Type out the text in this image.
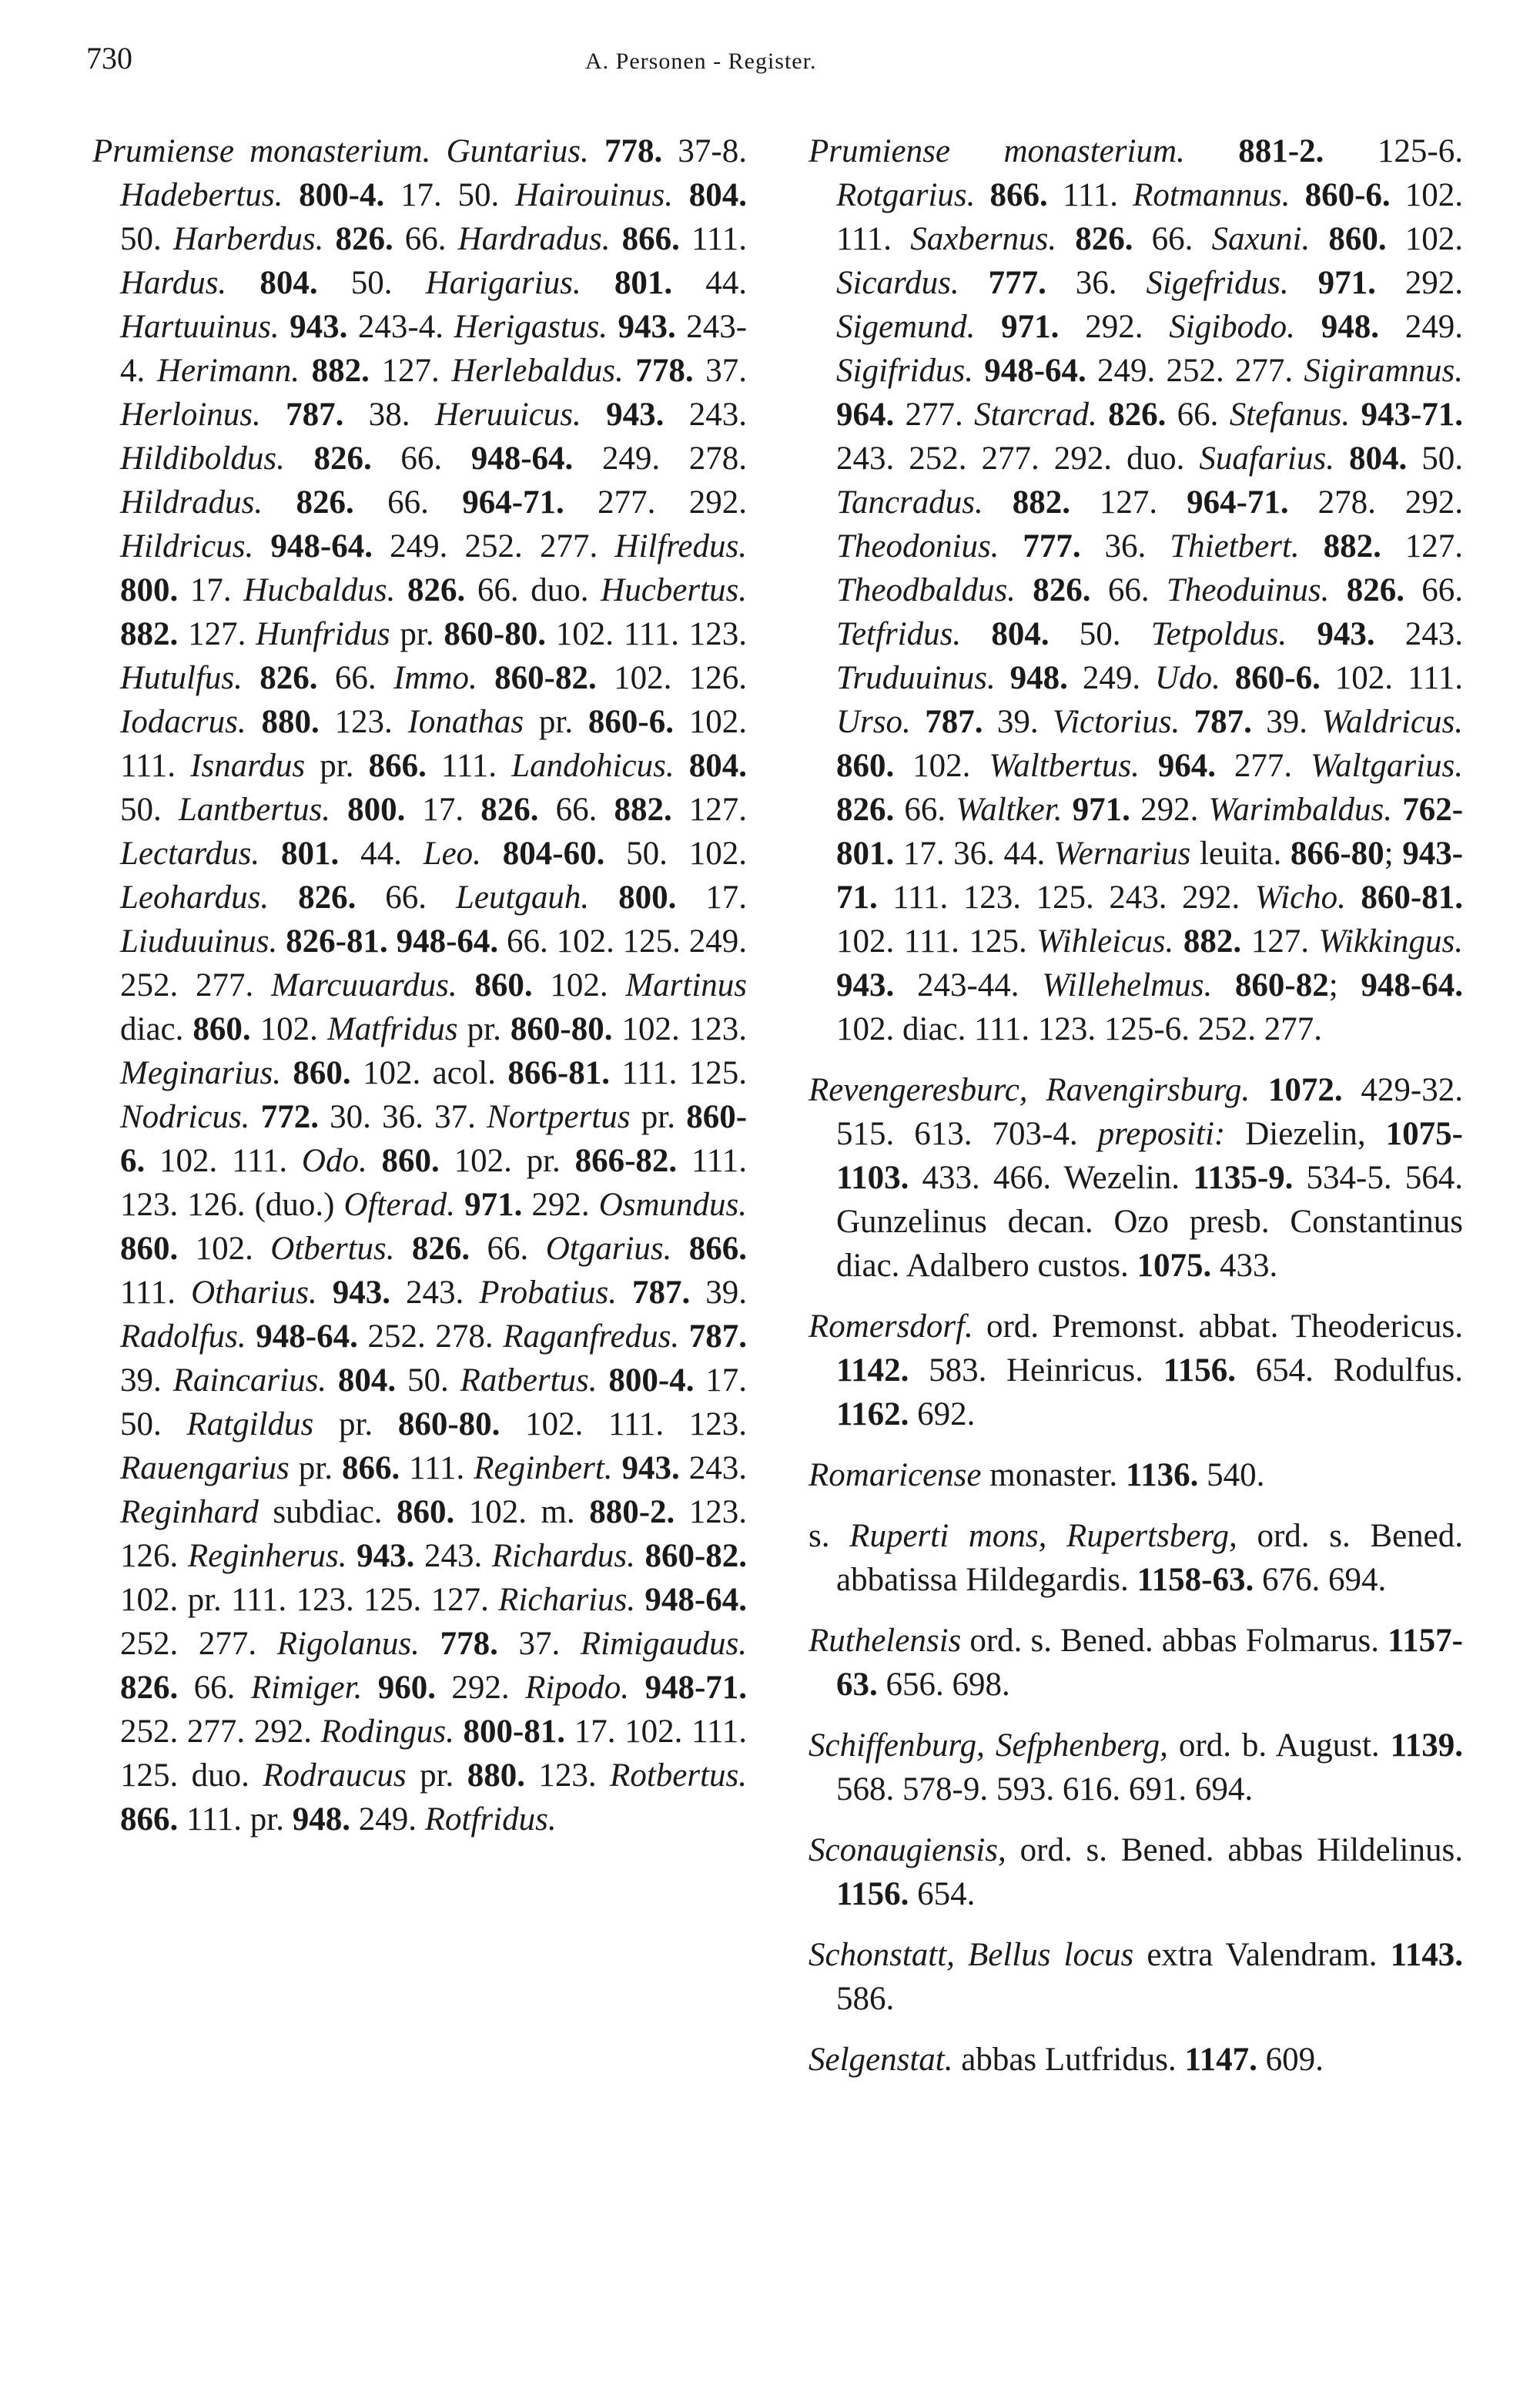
730	A. Personen - Register.

Prumiense monasterium. Guntarius. 778. 37-8. Hadebertus. 800-4. 17. 50. Hairouinus. 804. 50. Harberdus. 826. 66. Hardradus. 866. 111. Hardus. 804. 50. Harigarius. 801. 44. Hartuuinus. 943. 243-4. Herigastus. 943. 243-4. Herimann. 882. 127. Herlebaldus. 778. 37. Herloinus. 787. 38. Heruuicus. 943. 243. Hildiboldus. 826. 66. 948-64. 249. 278. Hildradus. 826. 66. 964-71. 277. 292. Hildricus. 948-64. 249. 252. 277. Hilfredus. 800. 17. Hucbaldus. 826. 66. duo. Hucbertus. 882. 127. Hunfridus pr. 860-80. 102. 111. 123. Hutulfus. 826. 66. Immo. 860-82. 102. 126. Iodacrus. 880. 123. Ionathas pr. 860-6. 102. 111. Isnardus pr. 866. 111. Landohicus. 804. 50. Lantbertus. 800. 17. 826. 66. 882. 127. Lectardus. 801. 44. Leo. 804-60. 50. 102. Leohardus. 826. 66. Leutgauh. 800. 17. Liuduuinus. 826-81. 948-64. 66. 102. 125. 249. 252. 277. Marcuuardus. 860. 102. Martinus diac. 860. 102. Matfridus pr. 860-80. 102. 123. Meginarius. 860. 102. acol. 866-81. 111. 125. Nodricus. 772. 30. 36. 37. Nortpertus pr. 860-6. 102. 111. Odo. 860. 102. pr. 866-82. 111. 123. 126. (duo.) Ofterad. 971. 292. Osmundus. 860. 102. Otbertus. 826. 66. Otgarius. 866. 111. Otharius. 943. 243. Probatius. 787. 39. Radolfus. 948-64. 252. 278. Raganfredus. 787. 39. Raincarius. 804. 50. Ratbertus. 800-4. 17. 50. Ratgildus pr. 860-80. 102. 111. 123. Rauengarius pr. 866. 111. Reginbert. 943. 243. Reginhard subdiac. 860. 102. m. 880-2. 123. 126. Reginherus. 943. 243. Richardus. 860-82. 102. pr. 111. 123. 125. 127. Richarius. 948-64. 252. 277. Rigolanus. 778. 37. Rimigaudus. 826. 66. Rimiger. 960. 292. Ripodo. 948-71. 252. 277. 292. Rodingus. 800-81. 17. 102. 111. 125. duo. Rodraucus pr. 880. 123. Rotbertus. 866. 111. pr. 948. 249. Rotfridus.

Prumiense monasterium. 881-2. 125-6. Rotgarius. 866. 111. Rotmannus. 860-6. 102. 111. Saxbernus. 826. 66. Saxuni. 860. 102. Sicardus. 777. 36. Sigefridus. 971. 292. Sigemund. 971. 292. Sigibodo. 948. 249. Sigifridus. 948-64. 249. 252. 277. Sigiramnus. 964. 277. Starcrad. 826. 66. Stefanus. 943-71. 243. 252. 277. 292. duo. Suafarius. 804. 50. Tancradus. 882. 127. 964-71. 278. 292. Theodonius. 777. 36. Thietbert. 882. 127. Theodbaldus. 826. 66. Theoduinus. 826. 66. Tetfridus. 804. 50. Tetpoldus. 943. 243. Truduuinus. 948. 249. Udo. 860-6. 102. 111. Urso. 787. 39. Victorius. 787. 39. Waldricus. 860. 102. Waltbertus. 964. 277. Waltgarius. 826. 66. Waltker. 971. 292. Warimbaldus. 762-801. 17. 36. 44. Wernarius leuita. 866-80; 943-71. 111. 123. 125. 243. 292. Wicho. 860-81. 102. 111. 125. Wihleicus. 882. 127. Wikkingus. 943. 243-44. Willehelmus. 860-82; 948-64. 102. diac. 111. 123. 125-6. 252. 277.

Revengeresburc, Ravengirsburg. 1072. 429-32. 515. 613. 703-4. prepositi: Diezelin, 1075-1103. 433. 466. Wezelin. 1135-9. 534-5. 564. Gunzelinus decan. Ozo presb. Constantinus diac. Adalbero custos. 1075. 433.

Romersdorf. ord. Premonst. abbat. Theodericus. 1142. 583. Heinricus. 1156. 654. Rodulfus. 1162. 692.

Romaricense monaster. 1136. 540.

s. Ruperti mons, Rupertsberg, ord. s. Bened. abbatissa Hildegardis. 1158-63. 676. 694.

Ruthelensis ord. s. Bened. abbas Folmarus. 1157-63. 656. 698.

Schiffenburg, Sefphenberg, ord. b. August. 1139. 568. 578-9. 593. 616. 691. 694.

Sconaugiensis, ord. s. Bened. abbas Hildelinus. 1156. 654.

Schonstatt, Bellus locus extra Valendram. 1143. 586.

Selgenstat. abbas Lutfridus. 1147. 609.
